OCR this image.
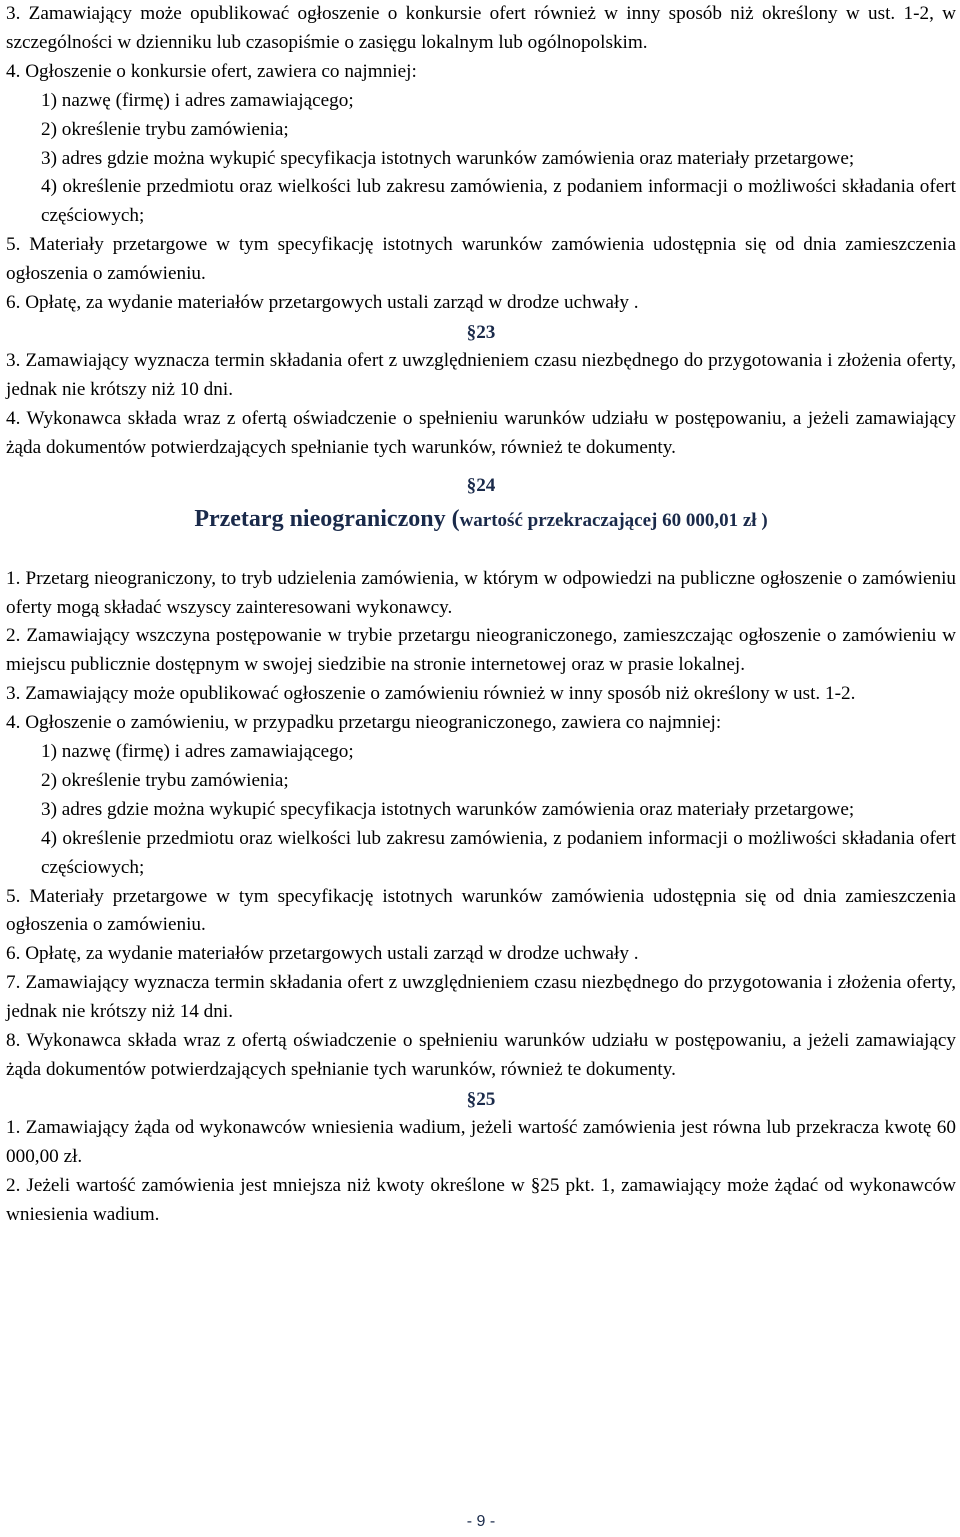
3. Zamawiający może opublikować ogłoszenie o konkursie ofert również w inny sposób niż określony w ust. 1-2, w szczególności w dzienniku lub czasopiśmie o zasięgu lokalnym lub ogólnopolskim.

4. Ogłoszenie o konkursie ofert, zawiera co najmniej:

1) nazwę (firmę) i adres zamawiającego;

2) określenie trybu zamówienia;

3) adres gdzie można wykupić specyfikacja istotnych warunków zamówienia oraz materiały przetargowe;

4) określenie przedmiotu oraz wielkości lub zakresu zamówienia, z podaniem informacji o możliwości składania ofert częściowych;

5. Materiały przetargowe w tym specyfikację istotnych warunków zamówienia udostępnia się od dnia zamieszczenia ogłoszenia o zamówieniu.

6. Opłatę, za wydanie materiałów przetargowych ustali zarząd w drodze uchwały .

§23

3. Zamawiający wyznacza termin składania ofert z uwzględnieniem czasu niezbędnego do przygotowania i złożenia oferty, jednak nie krótszy niż 10 dni.

4. Wykonawca składa wraz z ofertą oświadczenie o spełnieniu warunków udziału w postępowaniu, a jeżeli zamawiający żąda dokumentów potwierdzających spełnianie tych warunków, również te dokumenty.

§24

Przetarg nieograniczony (wartość przekraczającej 60 000,01 zł )

1. Przetarg nieograniczony, to tryb udzielenia zamówienia, w którym w odpowiedzi na publiczne ogłoszenie o zamówieniu oferty mogą składać wszyscy zainteresowani wykonawcy.

2. Zamawiający wszczyna postępowanie w trybie przetargu nieograniczonego, zamieszczając ogłoszenie o zamówieniu w miejscu publicznie dostępnym w swojej siedzibie na stronie internetowej oraz w prasie lokalnej.

3. Zamawiający może opublikować ogłoszenie o zamówieniu również w inny sposób niż określony w ust. 1-2.

4. Ogłoszenie o zamówieniu, w przypadku przetargu nieograniczonego, zawiera co najmniej:

1) nazwę (firmę) i adres zamawiającego;

2) określenie trybu zamówienia;

3) adres gdzie można wykupić specyfikacja istotnych warunków zamówienia oraz materiały przetargowe;

4) określenie przedmiotu oraz wielkości lub zakresu zamówienia, z podaniem informacji o możliwości składania ofert częściowych;

5. Materiały przetargowe w tym specyfikację istotnych warunków zamówienia udostępnia się od dnia zamieszczenia ogłoszenia o zamówieniu.

6. Opłatę, za wydanie materiałów przetargowych ustali zarząd w drodze uchwały .

7. Zamawiający wyznacza termin składania ofert z uwzględnieniem czasu niezbędnego do przygotowania i złożenia oferty, jednak nie krótszy niż 14 dni.

8. Wykonawca składa wraz z ofertą oświadczenie o spełnieniu warunków udziału w postępowaniu, a jeżeli zamawiający żąda dokumentów potwierdzających spełnianie tych warunków, również te dokumenty.

§25

1. Zamawiający żąda od wykonawców wniesienia wadium, jeżeli wartość zamówienia jest równa lub przekracza kwotę 60 000,00 zł.

2. Jeżeli wartość zamówienia jest mniejsza niż kwoty określone w §25 pkt. 1, zamawiający może żądać od wykonawców wniesienia wadium.

- 9 -
